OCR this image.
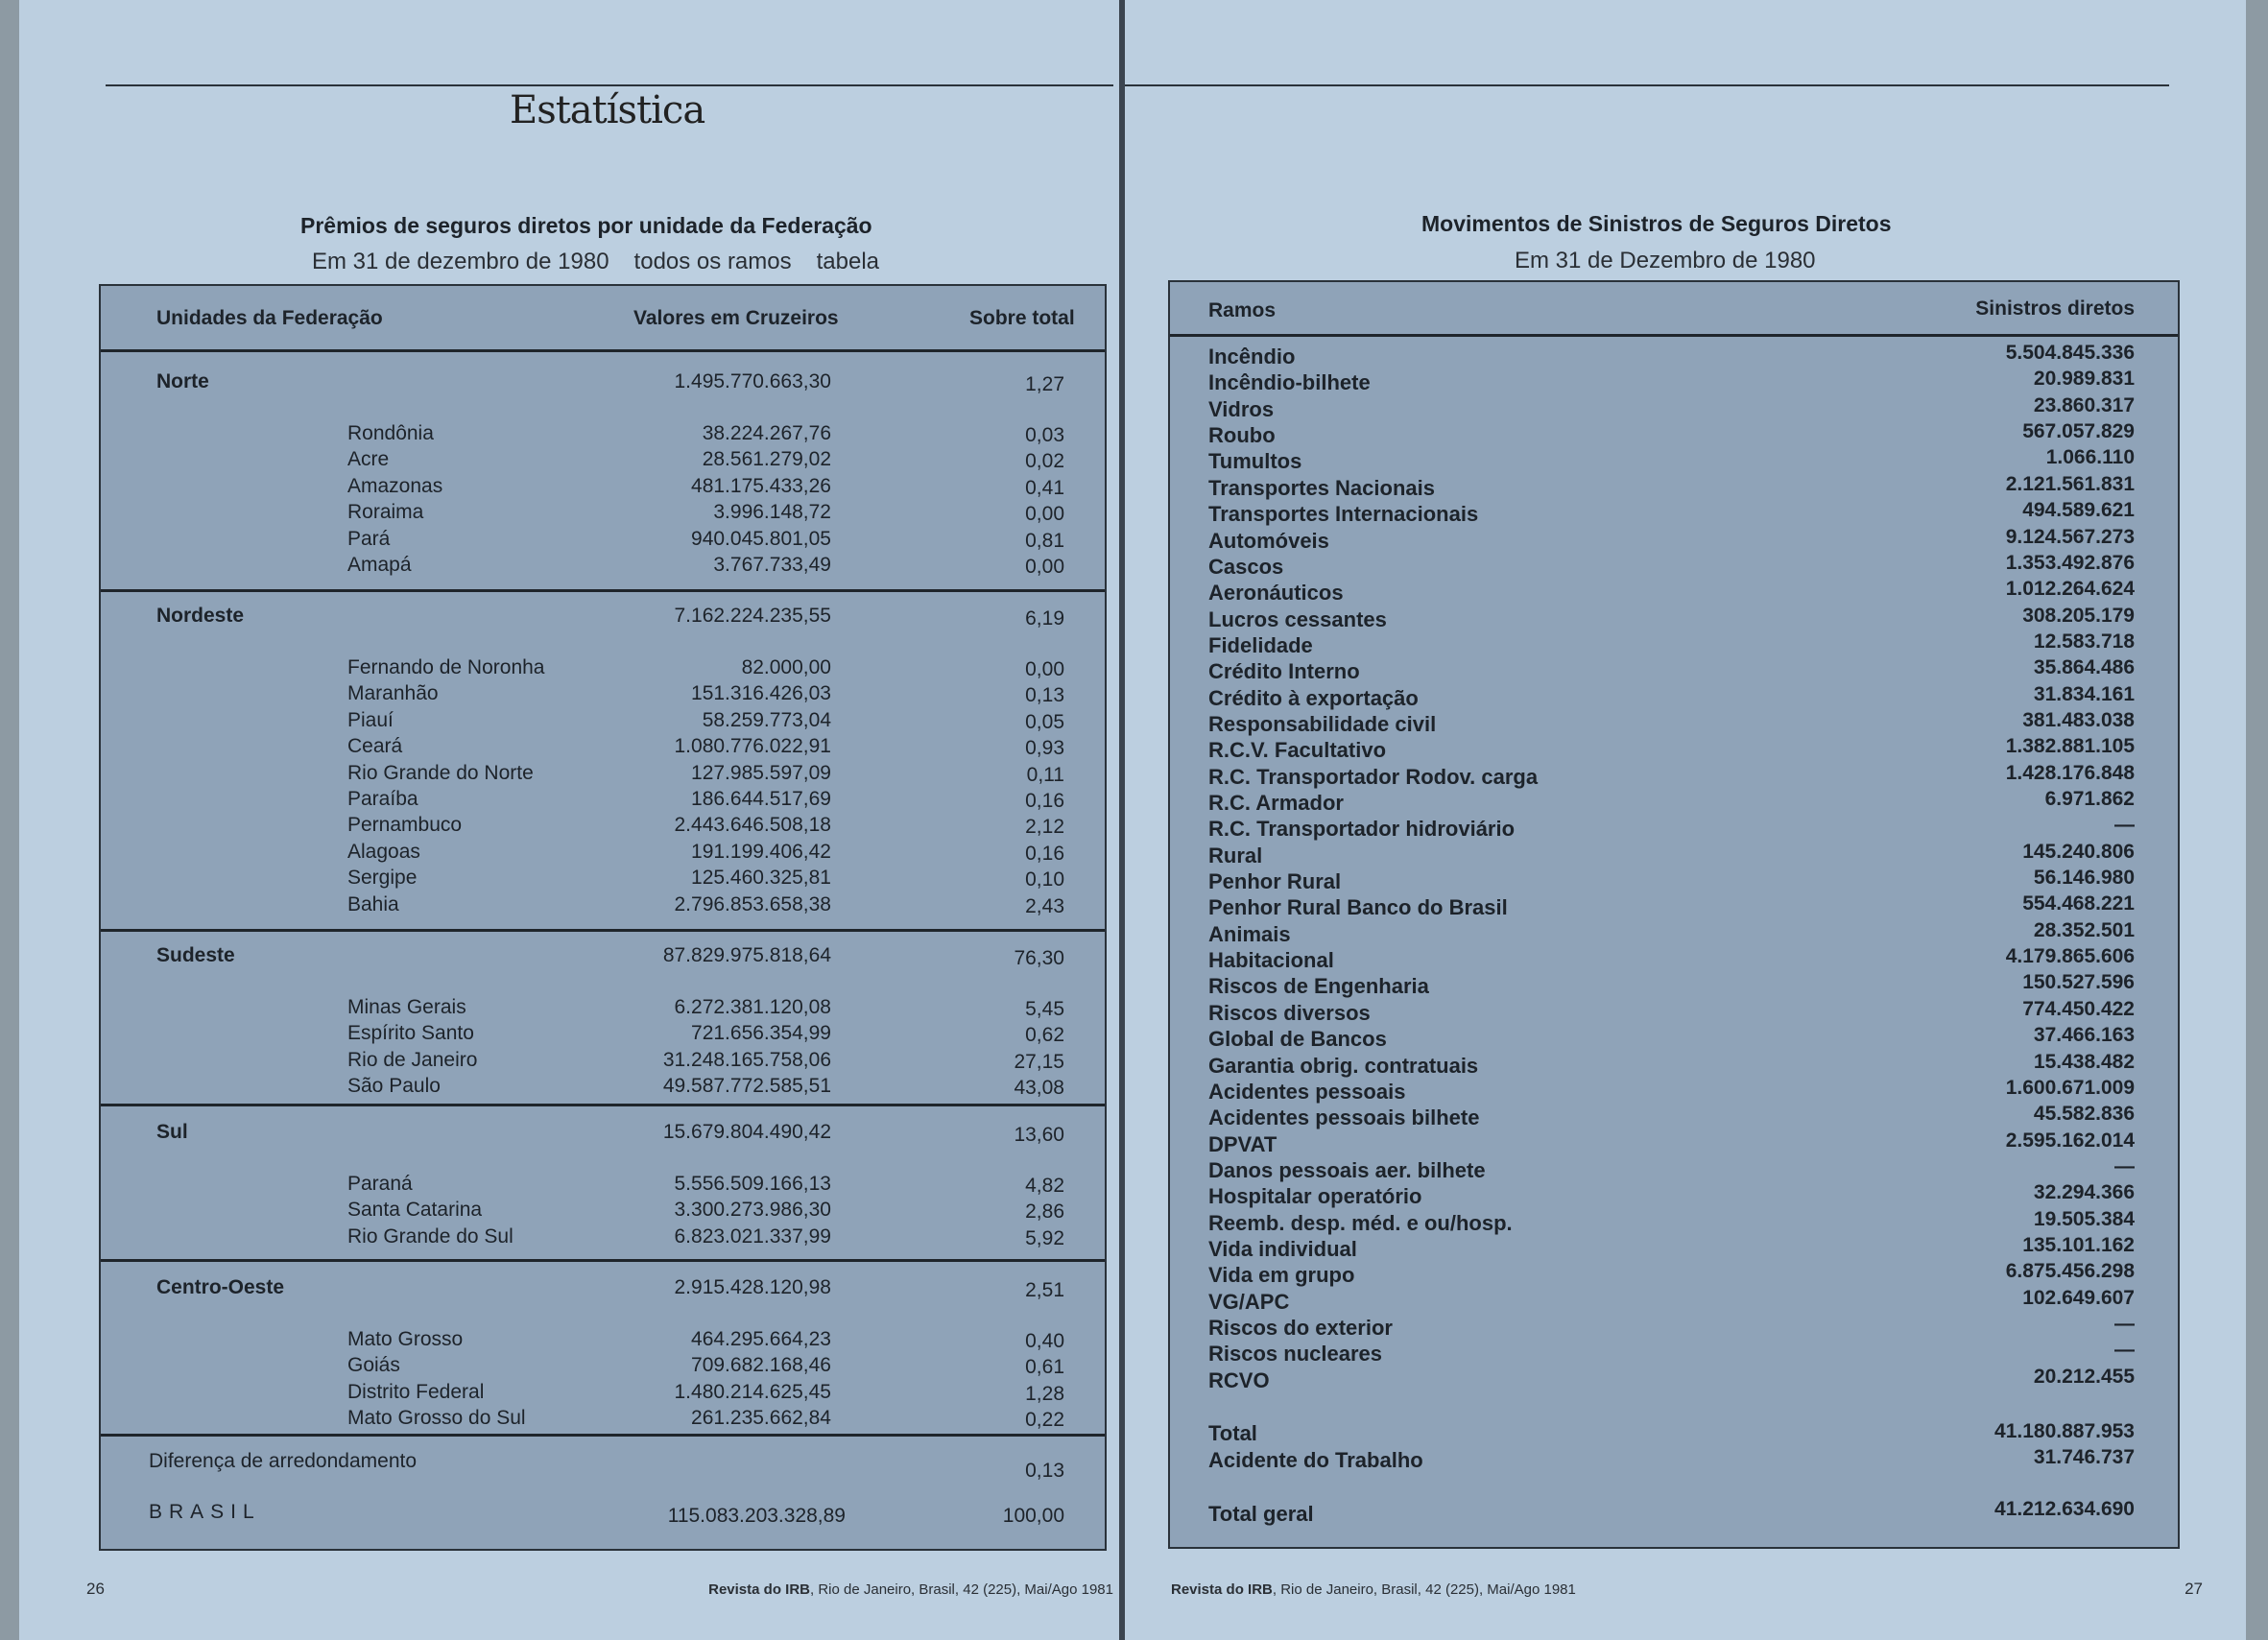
Estatística
Prêmios de seguros diretos por unidade da Federação
Em 31 de dezembro de 1980 todos os ramos tabela
Unidades da Federação	Valores em Cruzeiros	Sobre total
Norte	1.495.770.663,30	1,27
Rondônia	38.224.267,76	0,03
Acre	28.561.279,02	0,02
Amazonas	481.175.433,26	0,41
Roraima	3.996.148,72	0,00
Pará	940.045.801,05	0,81
Amapá	3.767.733,49	0,00
Nordeste	7.162.224.235,55	6,19
Fernando de Noronha	82.000,00	0,00
Maranhão	151.316.426,03	0,13
Piauí	58.259.773,04	0,05
Ceará	1.080.776.022,91	0,93
Rio Grande do Norte	127.985.597,09	0,11
Paraíba	186.644.517,69	0,16
Pernambuco	2.443.646.508,18	2,12
Alagoas	191.199.406,42	0,16
Sergipe	125.460.325,81	0,10
Bahia	2.796.853.658,38	2,43
Sudeste	87.829.975.818,64	76,30
Minas Gerais	6.272.381.120,08	5,45
Espírito Santo	721.656.354,99	0,62
Rio de Janeiro	31.248.165.758,06	27,15
São Paulo	49.587.772.585,51	43,08
Sul	15.679.804.490,42	13,60
Paraná	5.556.509.166,13	4,82
Santa Catarina	3.300.273.986,30	2,86
Rio Grande do Sul	6.823.021.337,99	5,92
Centro-Oeste	2.915.428.120,98	2,51
Mato Grosso	464.295.664,23	0,40
Goiás	709.682.168,46	0,61
Distrito Federal	1.480.214.625,45	1,28
Mato Grosso do Sul	261.235.662,84	0,22
Diferença de arredondamento	0,13
BRASIL	115.083.203.328,89	100,00
26	Revista do IRB, Rio de Janeiro, Brasil, 42 (225), Mai/Ago 1981
Movimentos de Sinistros de Seguros Diretos
Em 31 de Dezembro de 1980
Ramos	Sinistros diretos
Incêndio	5.504.845.336
Incêndio-bilhete	20.989.831
Vidros	23.860.317
Roubo	567.057.829
Tumultos	1.066.110
Transportes Nacionais	2.121.561.831
Transportes Internacionais	494.589.621
Automóveis	9.124.567.273
Cascos	1.353.492.876
Aeronáuticos	1.012.264.624
Lucros cessantes	308.205.179
Fidelidade	12.583.718
Crédito Interno	35.864.486
Crédito à exportação	31.834.161
Responsabilidade civil	381.483.038
R.C.V. Facultativo	1.382.881.105
R.C. Transportador Rodov. carga	1.428.176.848
R.C. Armador	6.971.862
R.C. Transportador hidroviário	—
Rural	145.240.806
Penhor Rural	56.146.980
Penhor Rural Banco do Brasil	554.468.221
Animais	28.352.501
Habitacional	4.179.865.606
Riscos de Engenharia	150.527.596
Riscos diversos	774.450.422
Global de Bancos	37.466.163
Garantia obrig. contratuais	15.438.482
Acidentes pessoais	1.600.671.009
Acidentes pessoais bilhete	45.582.836
DPVAT	2.595.162.014
Danos pessoais aer. bilhete	—
Hospitalar operatório	32.294.366
Reemb. desp. méd. e ou/hosp.	19.505.384
Vida individual	135.101.162
Vida em grupo	6.875.456.298
VG/APC	102.649.607
Riscos do exterior	—
Riscos nucleares	—
RCVO	20.212.455
Total	41.180.887.953
Acidente do Trabalho	31.746.737
Total geral	41.212.634.690
27
Revista do IRB, Rio de Janeiro, Brasil, 42 (225), Mai/Ago 1981
